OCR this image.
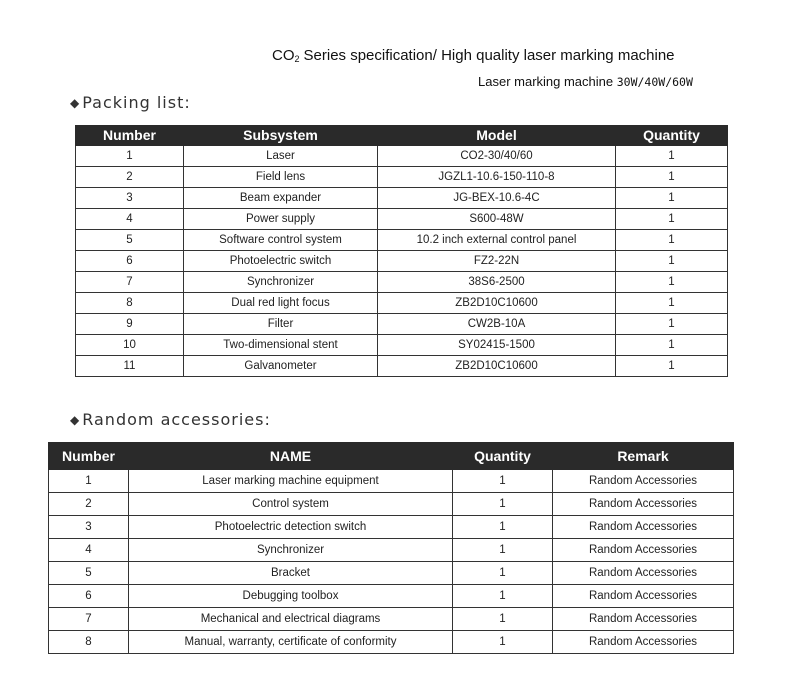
$CO_2$ Series specification/ High quality laser marking machine
Laser marking machine 30W/40W/60W
◆ Packing list:
Number	Subsystem	Model	Quantity
1	Laser	CO2-30/40/60	1
2	Field lens	JGZL1-10.6-150-110-8	1
3	Beam expander	JG-BEX-10.6-4C	1
4	Power supply	S600-48W	1
5	Software control system	10.2 inch external control panel	1
6	Photoelectric switch	FZ2-22N	1
7	Synchronizer	38S6-2500	1
8	Dual red light focus	ZB2D10C10600	1
9	Filter	CW2B-10A	1
10	Two-dimensional stent	SY02415-1500	1
11	Galvanometer	ZB2D10C10600	1
◆ Random accessories:
Number	NAME	Quantity	Remark
1	Laser marking machine equipment	1	Random Accessories
2	Control system	1	Random Accessories
3	Photoelectric detection switch	1	Random Accessories
4	Synchronizer	1	Random Accessories
5	Bracket	1	Random Accessories
6	Debugging toolbox	1	Random Accessories
7	Mechanical and electrical diagrams	1	Random Accessories
8	Manual, warranty, certificate of conformity	1	Random Accessories
